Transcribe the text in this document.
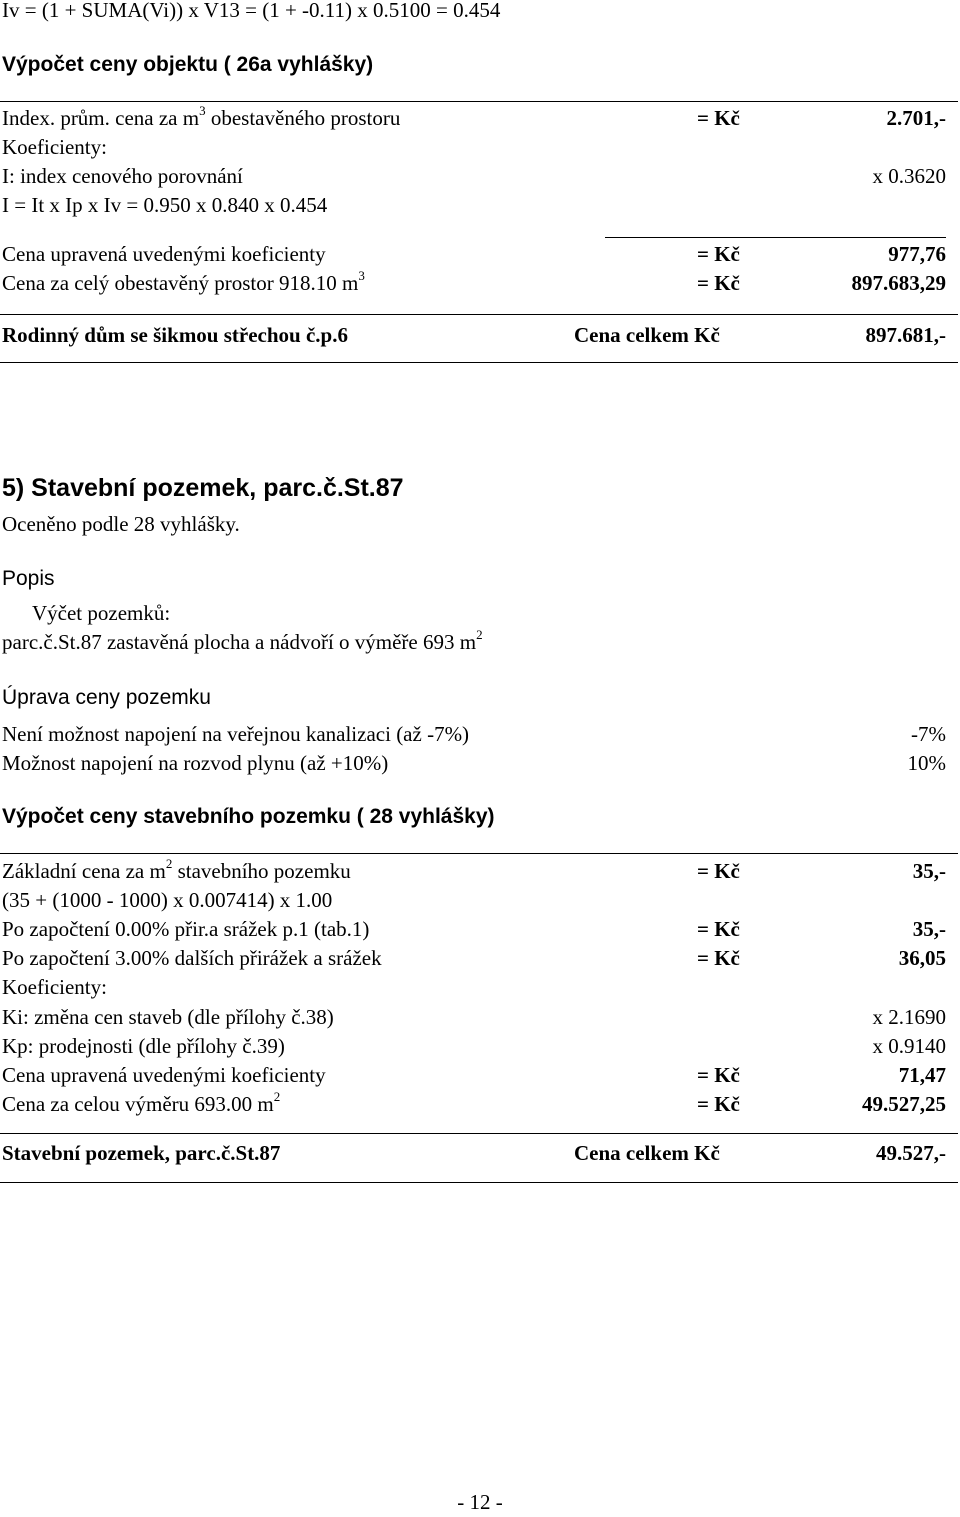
Iv = (1 + SUMA(Vi)) x V13 = (1 + -0.11) x 0.5100 = 0.454
Výpočet ceny objektu ( 26a vyhlášky)
Index. prům. cena za $m^3$ obestavěného prostoru	= Kč	2.701,-
Koeficienty:
I: index cenového porovnání	x 0.3620
I = It x Ip x Iv = 0.950 x 0.840 x 0.454
Cena upravená uvedenými koeficienty	= Kč	977,76
Cena za celý obestavěný prostor 918.10 $m^3$	= Kč	897.683,29
Rodinný dům se šikmou střechou č.p.6	Cena celkem Kč	897.681,-
5) Stavební pozemek, parc.č.St.87
Oceněno podle 28 vyhlášky.
Popis
Výčet pozemků:
parc.č.St.87 zastavěná plocha a nádvoří o výměře 693 $m^2$
Úprava ceny pozemku
Není možnost napojení na veřejnou kanalizaci (až -7%)	-7%
Možnost napojení na rozvod plynu (až +10%)	10%
Výpočet ceny stavebního pozemku ( 28 vyhlášky)
Základní cena za $m^2$ stavebního pozemku	= Kč	35,-
(35 + (1000 - 1000) x 0.007414) x 1.00
Po započtení 0.00% přir.a srážek p.1 (tab.1)	= Kč	35,-
Po započtení 3.00% dalších přirážek a srážek	= Kč	36,05
Koeficienty:
Ki: změna cen staveb (dle přílohy č.38)	x 2.1690
Kp: prodejnosti (dle přílohy č.39)	x 0.9140
Cena upravená uvedenými koeficienty	= Kč	71,47
Cena za celou výměru 693.00 $m^2$	= Kč	49.527,25
Stavební pozemek, parc.č.St.87	Cena celkem Kč	49.527,-
- 12 -
